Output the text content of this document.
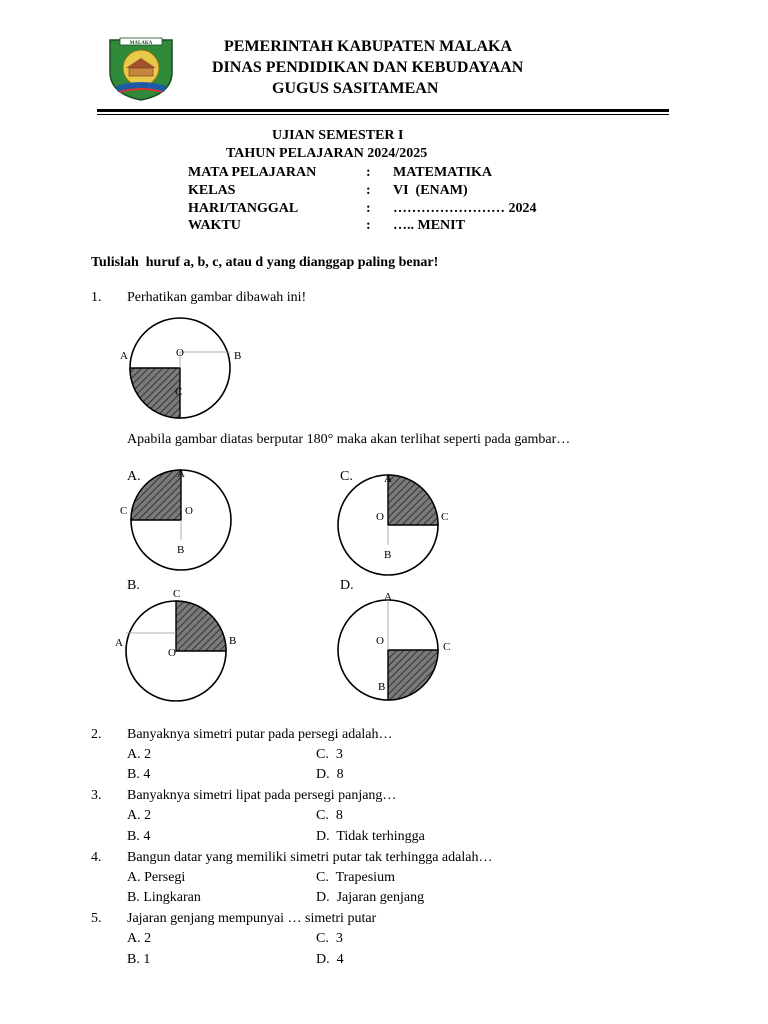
MALAKA	PEMERINTAH KABUPATEN MALAKA
DINAS PENDIDIKAN DAN KEBUDAYAAN
GUGUS SASITAMEAN
UJIAN SEMESTER I
TAHUN PELAJARAN 2024/2025
MATA PELAJARAN	: MATEMATIKA
KELAS	: VI  (ENAM)
HARI/TANGGAL	: …………………… 2024
WAKTU	: ….. MENIT
Tulislah  huruf a, b, c, atau d yang dianggap paling benar!
1. Perhatikan gambar dibawah ini!
A	O	B
C
Apabila gambar diatas berputar 180° maka akan terlihat seperti pada gambar…
A.	A
C	O
B
C.	A
O	C
B
B.
C
A	B
O
D.
A
O	C
B
2. Banyaknya simetri putar pada persegi adalah…
A. 2	C.  3
B. 4	D.  8
3. Banyaknya simetri lipat pada persegi panjang…
A. 2	C.  8
B. 4	D.  Tidak terhingga
4. Bangun datar yang memiliki simetri putar tak terhingga adalah…
A. Persegi	C.  Trapesium
B. Lingkaran	D.  Jajaran genjang
5. Jajaran genjang mempunyai … simetri putar
A. 2	C.  3
B. 1	D.  4
